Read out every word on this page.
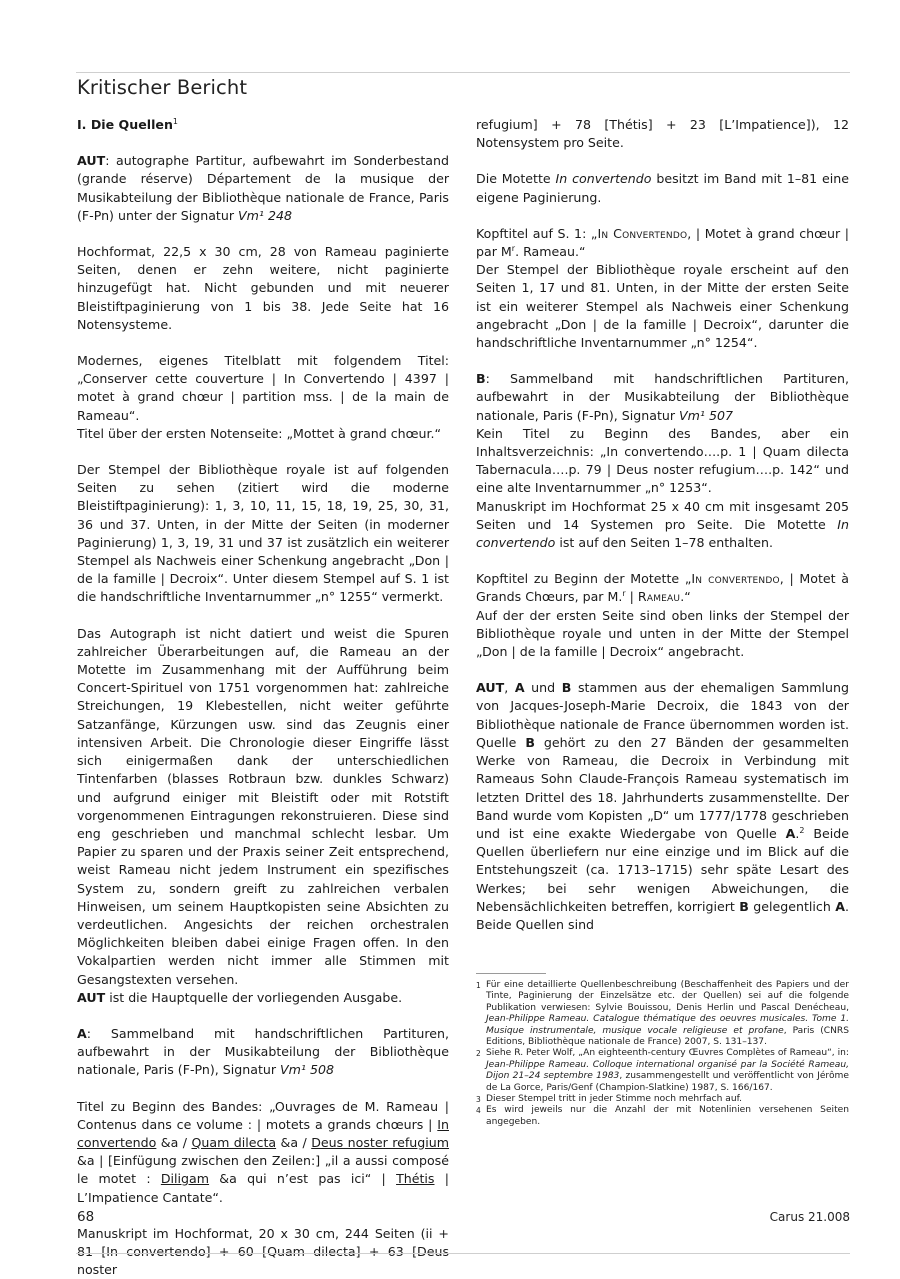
Kritischer Bericht

I. Die Quellen$^1$

AUT: autographe Partitur, aufbewahrt im Sonderbestand (grande réserve) Département de la musique der Musikabteilung der Bibliothèque nationale de France, Paris (F-Pn) unter der Signatur Vm¹ 248

Hochformat, 22,5 x 30 cm, 28 von Rameau paginierte Seiten, denen er zehn weitere, nicht paginierte hinzugefügt hat. Nicht gebunden und mit neuerer Bleistiftpaginierung von 1 bis 38. Jede Seite hat 16 Notensysteme.

Modernes, eigenes Titelblatt mit folgendem Titel: „Conserver cette couverture | In Convertendo | 4397 | motet à grand chœur | partition mss. | de la main de Rameau“.

Titel über der ersten Notenseite: „Mottet à grand chœur.“

Der Stempel der Bibliothèque royale ist auf folgenden Seiten zu sehen (zitiert wird die moderne Bleistiftpaginierung): 1, 3, 10, 11, 15, 18, 19, 25, 30, 31, 36 und 37. Unten, in der Mitte der Seiten (in moderner Paginierung) 1, 3, 19, 31 und 37 ist zusätzlich ein weiterer Stempel als Nachweis einer Schenkung angebracht „Don | de la famille | Decroix“. Unter diesem Stempel auf S. 1 ist die handschriftliche Inventarnummer „n° 1255“ vermerkt.

Das Autograph ist nicht datiert und weist die Spuren zahlreicher Überarbeitungen auf, die Rameau an der Motette im Zusammenhang mit der Aufführung beim Concert-Spirituel von 1751 vorgenommen hat: zahlreiche Streichungen, 19 Klebestellen, nicht weiter geführte Satzanfänge, Kürzungen usw. sind das Zeugnis einer intensiven Arbeit. Die Chronologie dieser Eingriffe lässt sich einigermaßen dank der unterschiedlichen Tintenfarben (blasses Rotbraun bzw. dunkles Schwarz) und aufgrund einiger mit Bleistift oder mit Rotstift vorgenommenen Eintragungen rekonstruieren. Diese sind eng geschrieben und manchmal schlecht lesbar. Um Papier zu sparen und der Praxis seiner Zeit entsprechend, weist Rameau nicht jedem Instrument ein spezifisches System zu, sondern greift zu zahlreichen verbalen Hinweisen, um seinem Hauptkopisten seine Absichten zu verdeutlichen. Angesichts der reichen orchestralen Möglichkeiten bleiben dabei einige Fragen offen. In den Vokalpartien werden nicht immer alle Stimmen mit Gesangstexten versehen.
AUT ist die Hauptquelle der vorliegenden Ausgabe.

A: Sammelband mit handschriftlichen Partituren, aufbewahrt in der Musikabteilung der Bibliothèque nationale, Paris (F-Pn), Signatur Vm¹ 508

Titel zu Beginn des Bandes: „Ouvrages de M. Rameau | Contenus dans ce volume : | motets a grands chœurs | In convertendo &a / Quam dilecta &a / Deus noster refugium &a | [Einfügung zwischen den Zeilen:] „il a aussi composé le motet : Diligam &a qui n’est pas ici“ | Thétis | L’Impatience Cantate“.

Manuskript im Hochformat, 20 x 30 cm, 244 Seiten (ii + 81 [In convertendo] + 60 [Quam dilecta] + 63 [Deus noster

refugium] + 78 [Thétis] + 23 [L’Impatience]), 12 Notensystem pro Seite.

Die Motette In convertendo besitzt im Band mit 1–81 eine eigene Paginierung.

Kopftitel auf S. 1: „In Convertendo, | Motet à grand chœur | par $M^r$. Rameau.“
Der Stempel der Bibliothèque royale erscheint auf den Seiten 1, 17 und 81. Unten, in der Mitte der ersten Seite ist ein weiterer Stempel als Nachweis einer Schenkung angebracht „Don | de la famille | Decroix“, darunter die handschriftliche Inventarnummer „n° 1254“.

B: Sammelband mit handschriftlichen Partituren, aufbewahrt in der Musikabteilung der Bibliothèque nationale, Paris (F-Pn), Signatur Vm¹ 507
Kein Titel zu Beginn des Bandes, aber ein Inhaltsverzeichnis: „In convertendo….p. 1 | Quam dilecta Tabernacula….p. 79 | Deus noster refugium….p. 142“ und eine alte Inventarnummer „n° 1253“.
Manuskript im Hochformat 25 x 40 cm mit insgesamt 205 Seiten und 14 Systemen pro Seite. Die Motette In convertendo ist auf den Seiten 1–78 enthalten.

Kopftitel zu Beginn der Motette „In convertendo, | Motet à Grands Chœurs, par M.$^r$ | Rameau.“
Auf der der ersten Seite sind oben links der Stempel der Bibliothèque royale und unten in der Mitte der Stempel „Don | de la famille | Decroix“ angebracht.

AUT, A und B stammen aus der ehemaligen Sammlung von Jacques-Joseph-Marie Decroix, die 1843 von der Bibliothèque nationale de France übernommen worden ist. Quelle B gehört zu den 27 Bänden der gesammelten Werke von Rameau, die Decroix in Verbindung mit Rameaus Sohn Claude-François Rameau systematisch im letzten Drittel des 18. Jahrhunderts zusammenstellte. Der Band wurde vom Kopisten „D“ um 1777/1778 geschrieben und ist eine exakte Wiedergabe von Quelle A.$^2$ Beide Quellen überliefern nur eine einzige und im Blick auf die Entstehungszeit (ca. 1713–1715) sehr späte Lesart des Werkes; bei sehr wenigen Abweichungen, die Nebensächlichkeiten betreffen, korrigiert B gelegentlich A. Beide Quellen sind

1 Für eine detaillierte Quellenbeschreibung (Beschaffenheit des Papiers und der Tinte, Paginierung der Einzelsätze etc. der Quellen) sei auf die folgende Publikation verwiesen: Sylvie Bouissou, Denis Herlin und Pascal Denécheau, Jean-Philippe Rameau. Catalogue thématique des oeuvres musicales. Tome 1. Musique instrumentale, musique vocale religieuse et profane, Paris (CNRS Editions, Bibliothèque nationale de France) 2007, S. 131–137.
2 Siehe R. Peter Wolf, „An eighteenth-century Œuvres Complètes of Rameau“, in: Jean-Philippe Rameau. Colloque international organisé par la Société Rameau, Dijon 21–24 septembre 1983, zusammengestellt und veröffentlicht von Jérôme de La Gorce, Paris/Genf (Champion-Slatkine) 1987, S. 166/167.
3 Dieser Stempel tritt in jeder Stimme noch mehrfach auf.
4 Es wird jeweils nur die Anzahl der mit Notenlinien versehenen Seiten angegeben.
68	Carus 21.008
